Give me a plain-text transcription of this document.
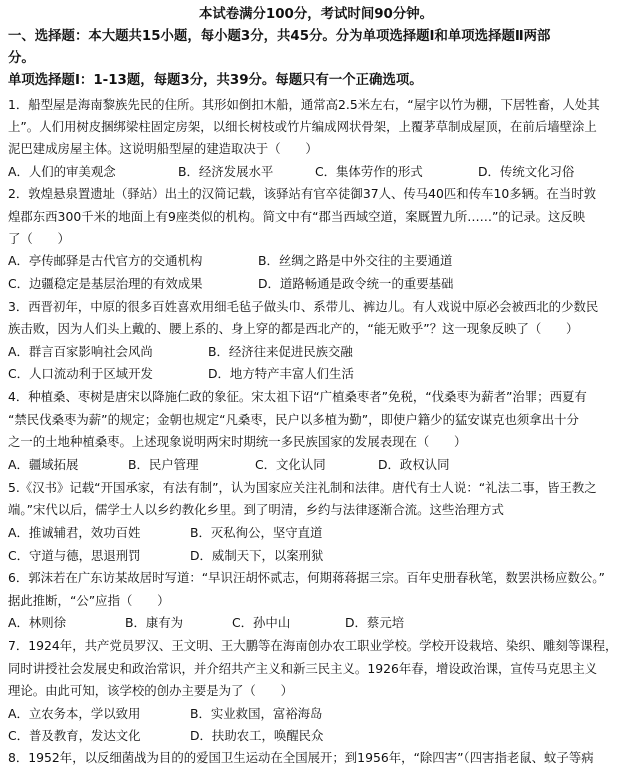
本试卷满分100分，考试时间90分钟。
一、选择题：本大题共15小题，每小题3分，共45分。分为单项选择题Ⅰ和单项选择题Ⅱ两部
分。
单项选择题Ⅰ：1-13题，每题3分，共39分。每题只有一个正确选项。
1．船型屋是海南黎族先民的住所。其形如倒扣木船，通常高2.5米左右，“屋宇以竹为棚，下居牲畜，人处其
上”。人们用树皮捆绑梁柱固定房架，以细长树枝或竹片编成网状骨架，上覆茅草制成屋顶，在前后墙壁涂上
泥巴建成房屋主体。这说明船型屋的建造取决于（　　）
A．人们的审美观念	B．经济发展水平	C．集体劳作的形式	D．传统文化习俗
2．敦煌悬泉置遗址（驿站）出土的汉简记载，该驿站有官卒徒御37人、传马40匹和传车10多辆。在当时敦
煌郡东西300千米的地面上有9座类似的机构。简文中有“郡当西域空道，案厩置九所……”的记录。这反映
了（　　）
A．亭传邮驿是古代官方的交通机构	B．丝绸之路是中外交往的主要通道
C．边疆稳定是基层治理的有效成果	D．道路畅通是政令统一的重要基础
3．西晋初年，中原的很多百姓喜欢用细毛毡子做头巾、系带儿、裤边儿。有人戏说中原必会被西北的少数民
族击败，因为人们头上戴的、腰上系的、身上穿的都是西北产的，“能无败乎”？这一现象反映了（　　）
A．群言百家影响社会风尚	B．经济往来促进民族交融
C．人口流动利于区域开发	D．地方特产丰富人们生活
4．种植桑、枣树是唐宋以降施仁政的象征。宋太祖下诏“广植桑枣者”免税，“伐桑枣为薪者”治罪；西夏有
“禁民伐桑枣为薪”的规定；金朝也规定“凡桑枣，民户以多植为勤”，即使户籍少的猛安谋克也须拿出十分
之一的土地种植桑枣。上述现象说明两宋时期统一多民族国家的发展表现在（　　）
A．疆域拓展	B．民户管理	C．文化认同	D．政权认同
5.《汉书》记载“开国承家，有法有制”，认为国家应关注礼制和法律。唐代有士人说：“礼法二事，皆王教之
端。”宋代以后，儒学士人以乡约教化乡里。到了明清，乡约与法律逐渐合流。这些治理方式
A．推诚辅君，效功百姓	B．灭私徇公，坚守直道
C．守道与德，思退刑罚	D．威制天下，以案刑狱
6．郭沫若在广东访某故居时写道：“早识汪胡怀贰志，何期蒋蒋据三宗。百年史册春秋笔，数罢洪杨应数公。”
据此推断，“公”应指（　　）
A．林则徐	B．康有为	C．孙中山	D．蔡元培
7．1924年，共产党员罗汉、王文明、王大鹏等在海南创办农工职业学校。学校开设栽培、染织、雕刻等课程，
同时讲授社会发展史和政治常识，并介绍共产主义和新三民主义。1926年春，增设政治课，宣传马克思主义
理论。由此可知，该学校的创办主要是为了（　　）
A．立农务本，学以致用	B．实业救国，富裕海岛
C．普及教育，发达文化	D．扶助农工，唤醒民众
8．1952年，以反细菌战为目的的爱国卫生运动在全国展开；到1956年，“除四害”（四害指老鼠、蚊子等病
